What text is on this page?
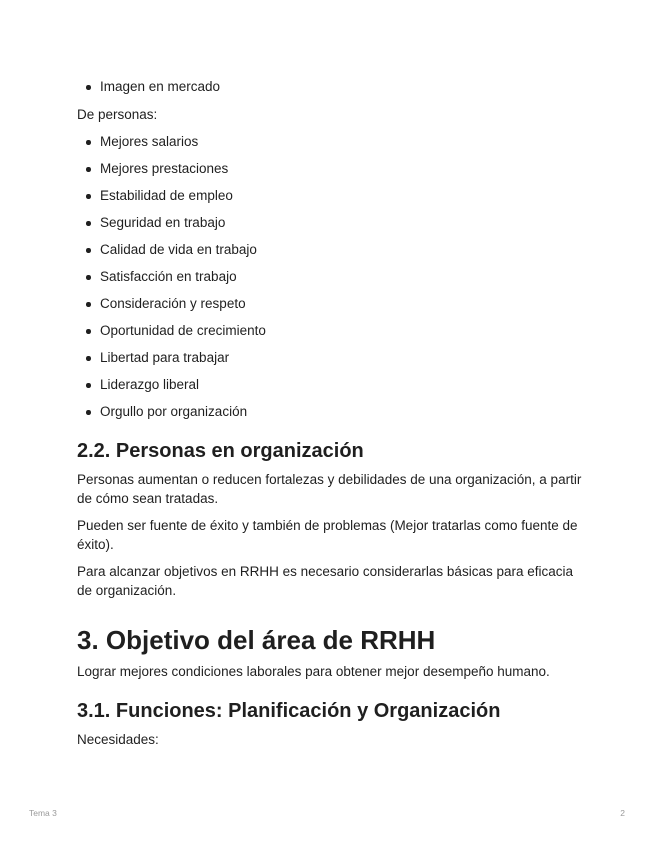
Imagen en mercado

De personas:

Mejores salarios
Mejores prestaciones
Estabilidad de empleo
Seguridad en trabajo
Calidad de vida en trabajo
Satisfacción en trabajo
Consideración y respeto
Oportunidad de crecimiento
Libertad para trabajar
Liderazgo liberal
Orgullo por organización
2.2. Personas en organización

Personas aumentan o reducen fortalezas y debilidades de una organización, a partir de cómo sean tratadas.

Pueden ser fuente de éxito y también de problemas (Mejor tratarlas como fuente de éxito).

Para alcanzar objetivos en RRHH es necesario considerarlas básicas para eficacia de organización.

3. Objetivo del área de RRHH

Lograr mejores condiciones laborales para obtener mejor desempeño humano.

3.1. Funciones: Planificación y Organización

Necesidades:

Tema 3	2
